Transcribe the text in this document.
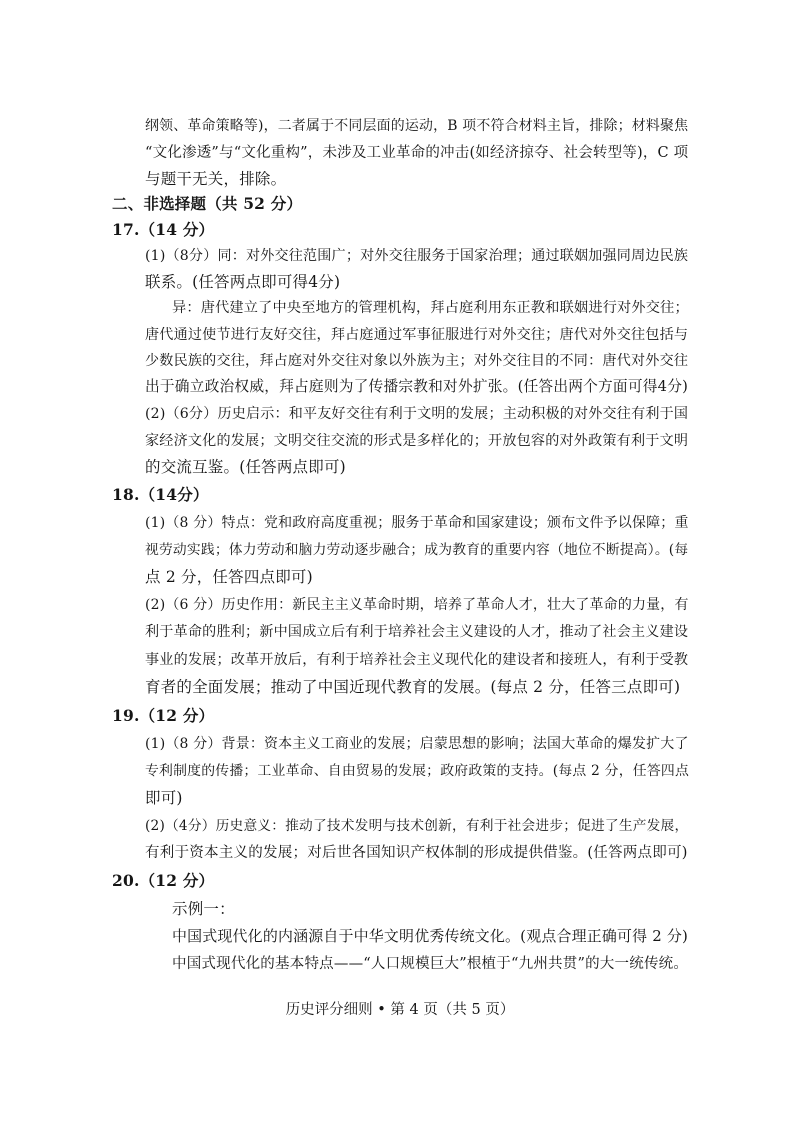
纲领、革命策略等)，二者属于不同层面的运动，B 项不符合材料主旨，排除；材料聚焦
“文化渗透”与“文化重构”，未涉及工业革命的冲击(如经济掠夺、社会转型等)，C 项
与题干无关，排除。
二、非选择题（共 52 分）
17.（14 分）
(1)（8分）同：对外交往范围广；对外交往服务于国家治理；通过联姻加强同周边民族
联系。(任答两点即可得4分)
异：唐代建立了中央至地方的管理机构，拜占庭利用东正教和联姻进行对外交往；
唐代通过使节进行友好交往，拜占庭通过军事征服进行对外交往；唐代对外交往包括与
少数民族的交往，拜占庭对外交往对象以外族为主；对外交往目的不同：唐代对外交往
出于确立政治权威，拜占庭则为了传播宗教和对外扩张。(任答出两个方面可得4分)
(2)（6分）历史启示：和平友好交往有利于文明的发展；主动积极的对外交往有利于国
家经济文化的发展；文明交往交流的形式是多样化的；开放包容的对外政策有利于文明
的交流互鉴。(任答两点即可)
18.（14分）
(1)（8 分）特点：党和政府高度重视；服务于革命和国家建设；颁布文件予以保障；重
视劳动实践；体力劳动和脑力劳动逐步融合；成为教育的重要内容（地位不断提高）。(每
点 2 分，任答四点即可)
(2)（6 分）历史作用：新民主主义革命时期，培养了革命人才，壮大了革命的力量，有
利于革命的胜利；新中国成立后有利于培养社会主义建设的人才，推动了社会主义建设
事业的发展；改革开放后，有利于培养社会主义现代化的建设者和接班人，有利于受教
育者的全面发展；推动了中国近现代教育的发展。(每点 2 分，任答三点即可)
19.（12 分）
(1)（8 分）背景：资本主义工商业的发展；启蒙思想的影响；法国大革命的爆发扩大了
专利制度的传播；工业革命、自由贸易的发展；政府政策的支持。(每点 2 分，任答四点
即可)
(2)（4分）历史意义：推动了技术发明与技术创新，有利于社会进步；促进了生产发展，
有利于资本主义的发展；对后世各国知识产权体制的形成提供借鉴。(任答两点即可)
20.（12 分）
示例一：
中国式现代化的内涵源自于中华文明优秀传统文化。(观点合理正确可得 2 分)
中国式现代化的基本特点——“人口规模巨大”根植于“九州共贯”的大一统传统。
历史评分细则 • 第 4 页（共 5 页）
